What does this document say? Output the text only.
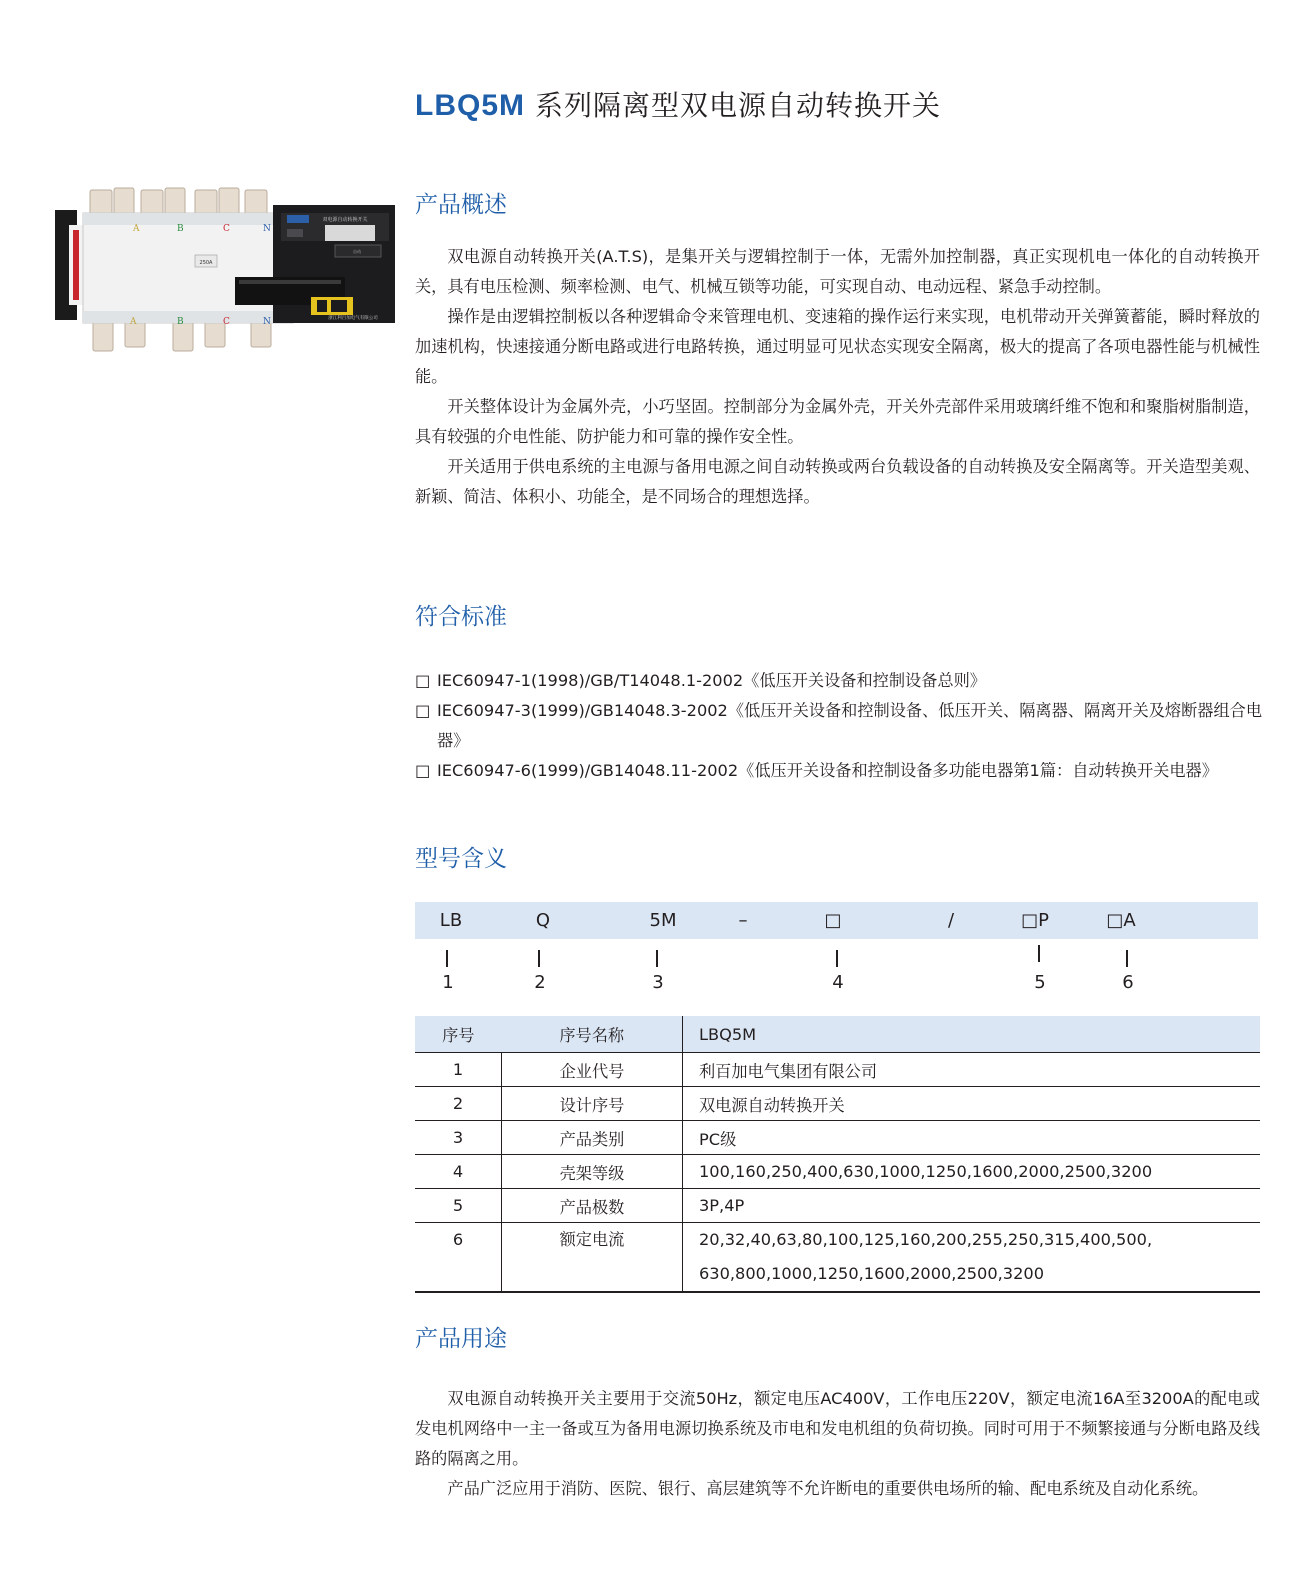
LBQ5M 系列隔离型双电源自动转换开关
250A
A	B	C	N
A	B	C	N
双电源自动转换开关
自动
浙江利百加电气有限公司
产品概述

双电源自动转换开关(A.T.S)，是集开关与逻辑控制于一体，无需外加控制器，真正实现机电一体化的自动转换开关，具有电压检测、频率检测、电气、机械互锁等功能，可实现自动、电动远程、紧急手动控制。

操作是由逻辑控制板以各种逻辑命令来管理电机、变速箱的操作运行来实现，电机带动开关弹簧蓄能，瞬时释放的加速机构，快速接通分断电路或进行电路转换，通过明显可见状态实现安全隔离，极大的提高了各项电器性能与机械性能。

开关整体设计为金属外壳，小巧坚固。控制部分为金属外壳，开关外壳部件采用玻璃纤维不饱和和聚脂树脂制造，具有较强的介电性能、防护能力和可靠的操作安全性。

开关适用于供电系统的主电源与备用电源之间自动转换或两台负载设备的自动转换及安全隔离等。开关造型美观、新颖、简洁、体积小、功能全，是不同场合的理想选择。

符合标准
□ IEC60947-1(1998)/GB/T14048.1-2002《低压开关设备和控制设备总则》
□ IEC60947-3(1999)/GB14048.3-2002《低压开关设备和控制设备、低压开关、隔离器、隔离开关及熔断器组合电器》
□ IEC60947-6(1999)/GB14048.11-2002《低压开关设备和控制设备多功能电器第1篇：自动转换开关电器》
型号含义
LB	Q	5M	–	□	/	□P	□A
1	2	3	4	5	6
序号	序号名称	LBQ5M
1	企业代号	利百加电气集团有限公司
2	设计序号	双电源自动转换开关
3	产品类别	PC级
4	壳架等级	100,160,250,400,630,1000,1250,1600,2000,2500,3200
5	产品极数	3P,4P
6	额定电流	20,32,40,63,80,100,125,160,200,255,250,315,400,500,
630,800,1000,1250,1600,2000,2500,3200
产品用途

双电源自动转换开关主要用于交流50Hz，额定电压AC400V，工作电压220V，额定电流16A至3200A的配电或发电机网络中一主一备或互为备用电源切换系统及市电和发电机组的负荷切换。同时可用于不频繁接通与分断电路及线路的隔离之用。

产品广泛应用于消防、医院、银行、高层建筑等不允许断电的重要供电场所的输、配电系统及自动化系统。
